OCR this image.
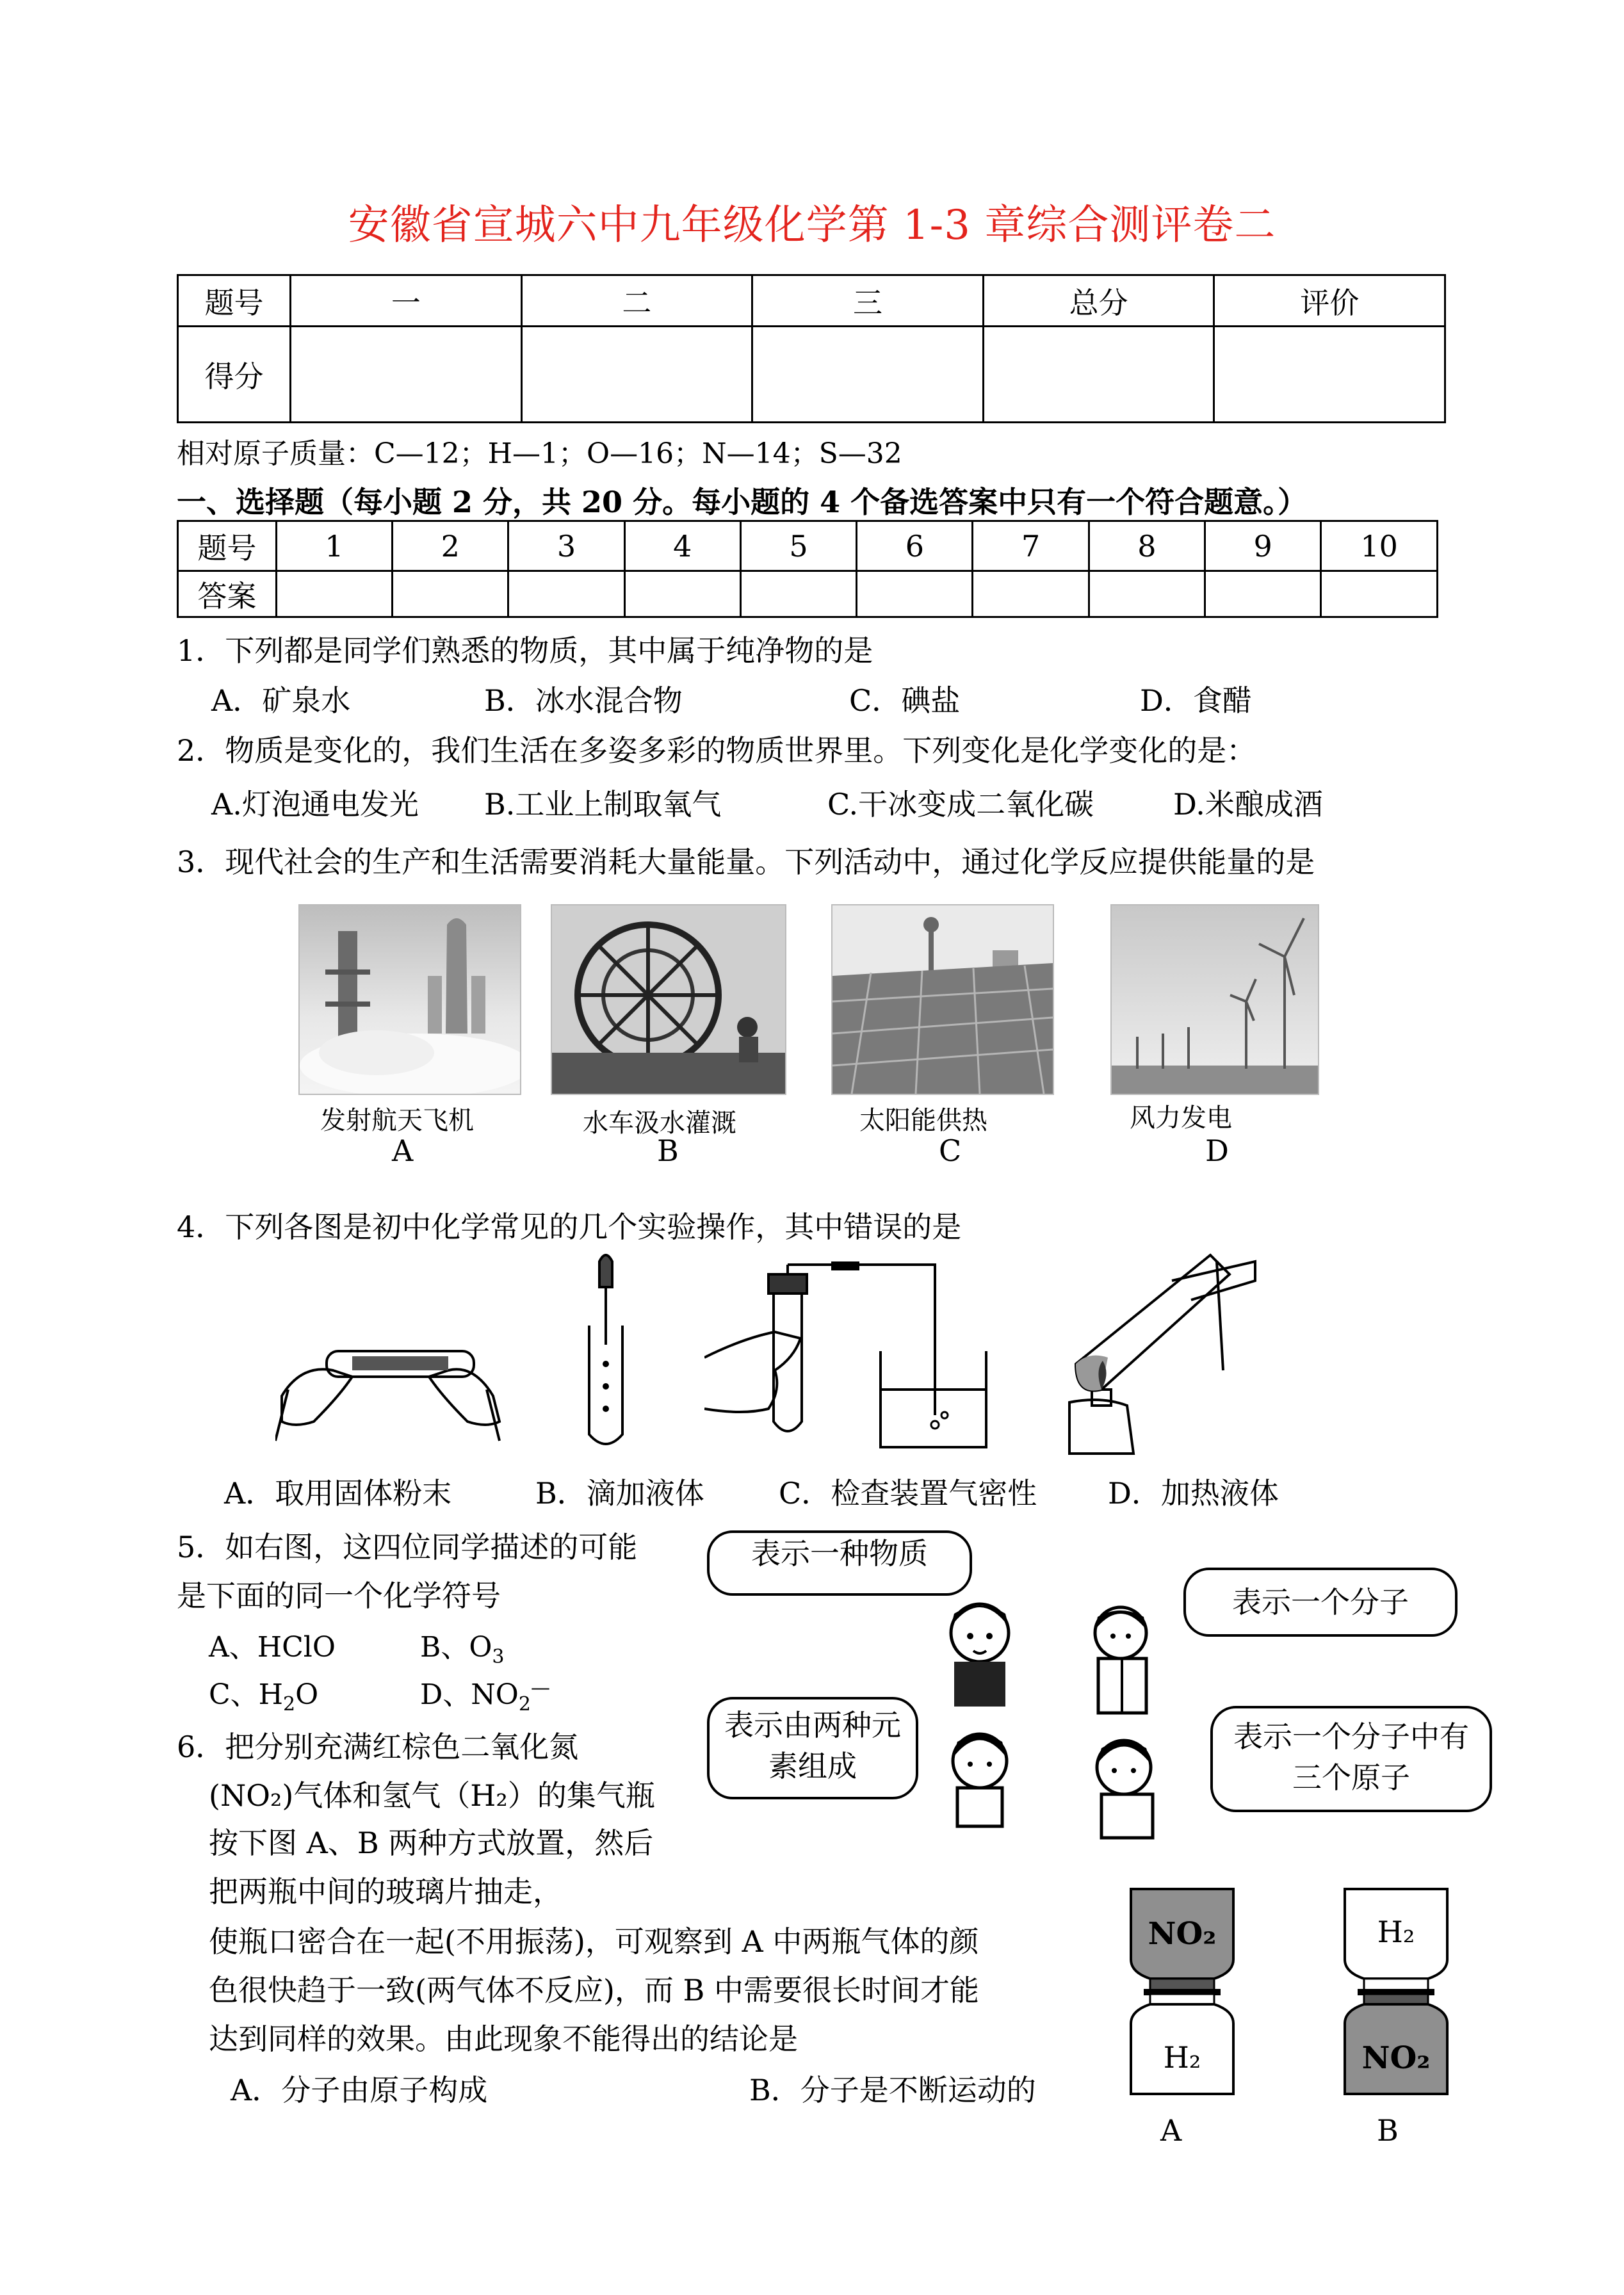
安徽省宣城六中九年级化学第 1-3 章综合测评卷二
题号	一	二	三	总分	评价
得分					
相对原子质量：C—12；H—1；O—16；N—14；S—32
一、选择题（每小题 2 分，共 20 分。每小题的 4 个备选答案中只有一个符合题意。）
题号	1	2	3	4	5	6	7	8	9	10
答案										
1．下列都是同学们熟悉的物质，其中属于纯净物的是
A．矿泉水	B．冰水混合物	C．碘盐	D．食醋
2．物质是变化的，我们生活在多姿多彩的物质世界里。下列变化是化学变化的是：
A.灯泡通电发光 B.工业上制取氧气	C.干冰变成二氧化碳	D.米酿成酒
3．现代社会的生产和生活需要消耗大量能量。下列活动中，通过化学反应提供能量的是
发射航天飞机	水车汲水灌溉	太阳能供热	风力发电
A	B	C	D
4．下列各图是初中化学常见的几个实验操作，其中错误的是
A．取用固体粉末	B．滴加液体	C．检查装置气密性 D．加热液体
5．如右图，这四位同学描述的可能
是下面的同一个化学符号
A、HClO	B、$O_3$
C、$H_2O$	D、$NO_2^—$
表示一种物质
表示一个分子
表示由两种元素组成
表示一个分子中有三个原子
6．把分别充满红棕色二氧化氮
(NO₂)气体和氢气（H₂）的集气瓶
按下图 A、B 两种方式放置，然后
把两瓶中间的玻璃片抽走，
使瓶口密合在一起(不用振荡)，可观察到 A 中两瓶气体的颜
色很快趋于一致(两气体不反应)，而 B 中需要很长时间才能
达到同样的效果。由此现象不能得出的结论是
A．分子由原子构成	B．分子是不断运动的
NO₂
H₂
H₂
NO₂
A	B
